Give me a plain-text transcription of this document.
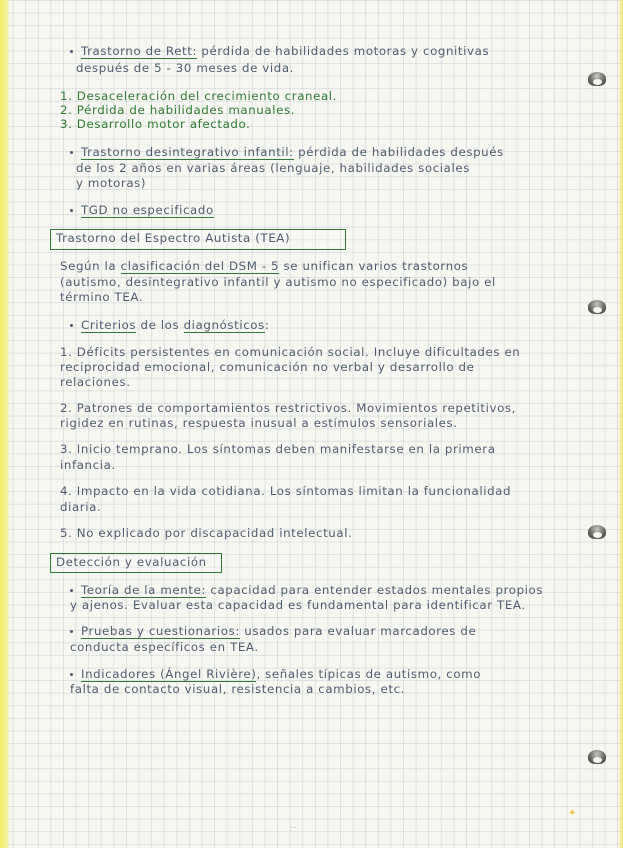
Trastorno de Rett: pérdida de habilidades motoras y cognitivas
después de 5 - 30 meses de vida.
1. Desaceleración del crecimiento craneal.
2. Pérdida de habilidades manuales.
3. Desarrollo motor afectado.
Trastorno desintegrativo infantil: pérdida de habilidades después
de los 2 años en varias áreas (lenguaje, habilidades sociales
y motoras)
TGD no especificado
Trastorno del Espectro Autista (TEA)
Según la clasificación del DSM - 5 se unifican varios trastornos
(autismo, desintegrativo infantil y autismo no especificado) bajo el
término TEA.
Criterios de los diagnósticos:
1. Déficits persistentes en comunicación social. Incluye dificultades en
reciprocidad emocional, comunicación no verbal y desarrollo de
relaciones.
2. Patrones de comportamientos restrictivos. Movimientos repetitivos,
rigidez en rutinas, respuesta inusual a estímulos sensoriales.
3. Inicio temprano. Los síntomas deben manifestarse en la primera
infancia.
4. Impacto en la vida cotidiana. Los síntomas limitan la funcionalidad
diaria.
5. No explicado por discapacidad intelectual.
Detección y evaluación
Teoría de la mente: capacidad para entender estados mentales propios
y ajenos. Evaluar esta capacidad es fundamental para identificar TEA.
Pruebas y cuestionarios: usados para evaluar marcadores de
conducta específicos en TEA.
Indicadores (Ángel Rivière), señales típicas de autismo, como
falta de contacto visual, resistencia a cambios, etc.
...
✦
